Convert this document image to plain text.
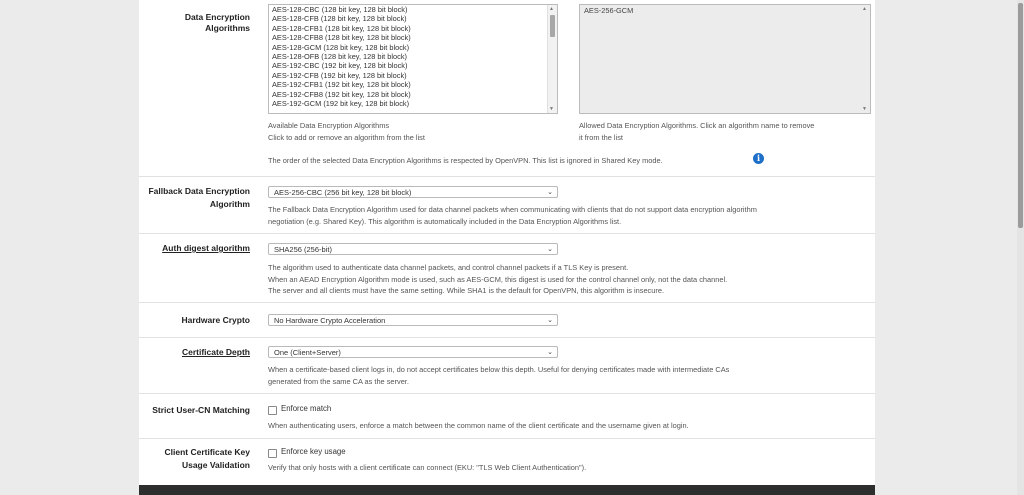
Data Encryption Algorithms
AES-128-CBC (128 bit key, 128 bit block)
AES-128-CFB (128 bit key, 128 bit block)
AES-128-CFB1 (128 bit key, 128 bit block)
AES-128-CFB8 (128 bit key, 128 bit block)
AES-128-GCM (128 bit key, 128 bit block)
AES-128-OFB (128 bit key, 128 bit block)
AES-192-CBC (192 bit key, 128 bit block)
AES-192-CFB (192 bit key, 128 bit block)
AES-192-CFB1 (192 bit key, 128 bit block)
AES-192-CFB8 (192 bit key, 128 bit block)
AES-192-GCM (192 bit key, 128 bit block)
▲
▼
AES-256-GCM	▲
▼
Available Data Encryption Algorithms
Click to add or remove an algorithm from the list
Allowed Data Encryption Algorithms. Click an algorithm name to remove
it from the list
The order of the selected Data Encryption Algorithms is respected by OpenVPN. This list is ignored in Shared Key mode.	i
Fallback Data Encryption
Algorithm
AES-256-CBC (256 bit key, 128 bit block)	⌄
The Fallback Data Encryption Algorithm used for data channel packets when communicating with clients that do not support data encryption algorithm
negotiation (e.g. Shared Key). This algorithm is automatically included in the Data Encryption Algorithms list.
Auth digest algorithm	SHA256 (256-bit)	⌄
The algorithm used to authenticate data channel packets, and control channel packets if a TLS Key is present.
When an AEAD Encryption Algorithm mode is used, such as AES-GCM, this digest is used for the control channel only, not the data channel.
The server and all clients must have the same setting. While SHA1 is the default for OpenVPN, this algorithm is insecure.
Hardware Crypto	No Hardware Crypto Acceleration	⌄
Certificate Depth	One (Client+Server)	⌄
When a certificate-based client logs in, do not accept certificates below this depth. Useful for denying certificates made with intermediate CAs
generated from the same CA as the server.
Strict User-CN Matching	Enforce match
When authenticating users, enforce a match between the common name of the client certificate and the username given at login.
Client Certificate Key
Usage Validation
Enforce key usage
Verify that only hosts with a client certificate can connect (EKU: "TLS Web Client Authentication").
